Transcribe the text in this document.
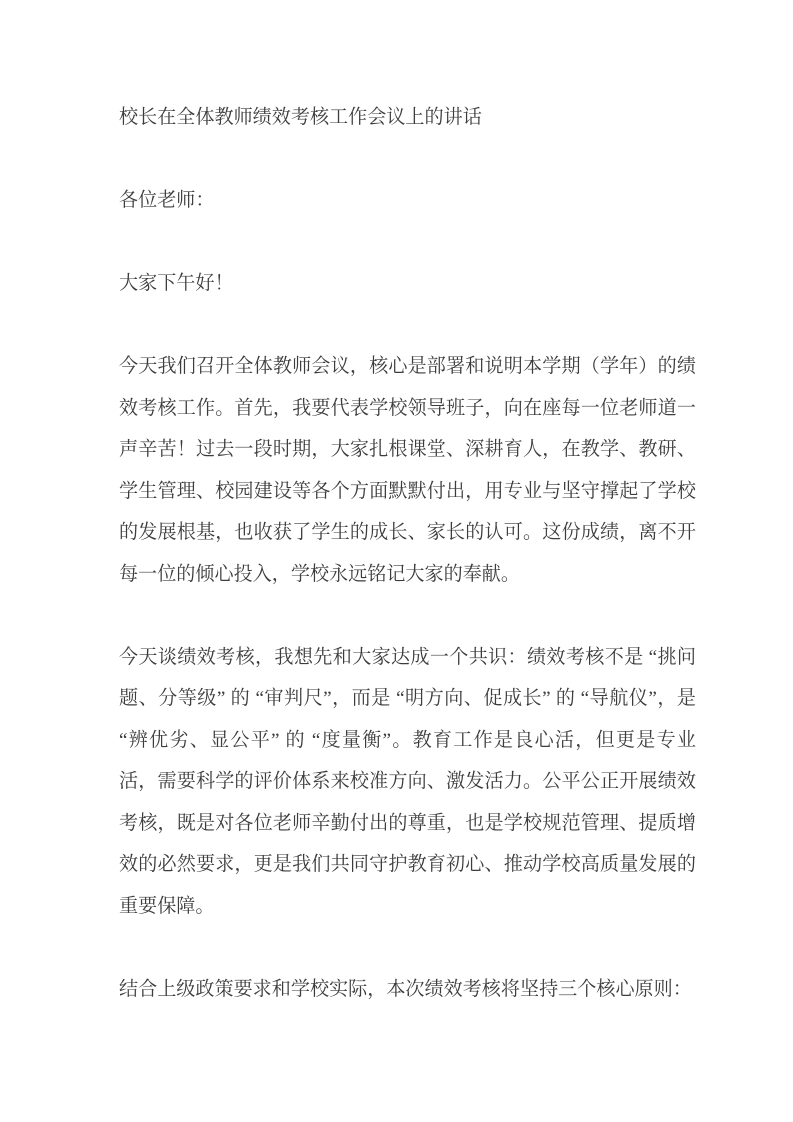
校长在全体教师绩效考核工作会议上的讲话

各位老师：

大家下午好！

今天我们召开全体教师会议，核心是部署和说明本学期（学年）的绩效考核工作。首先，我要代表学校领导班子，向在座每一位老师道一声辛苦！过去一段时期，大家扎根课堂、深耕育人，在教学、教研、学生管理、校园建设等各个方面默默付出，用专业与坚守撑起了学校的发展根基，也收获了学生的成长、家长的认可。这份成绩，离不开每一位的倾心投入，学校永远铭记大家的奉献。

今天谈绩效考核，我想先和大家达成一个共识：绩效考核不是 “挑问题、分等级” 的 “审判尺”，而是 “明方向、促成长” 的 “导航仪”，是 “辨优劣、显公平” 的 “度量衡”。教育工作是良心活，但更是专业活，需要科学的评价体系来校准方向、激发活力。公平公正开展绩效考核，既是对各位老师辛勤付出的尊重，也是学校规范管理、提质增效的必然要求，更是我们共同守护教育初心、推动学校高质量发展的重要保障。

结合上级政策要求和学校实际，本次绩效考核将坚持三个核心原则：
